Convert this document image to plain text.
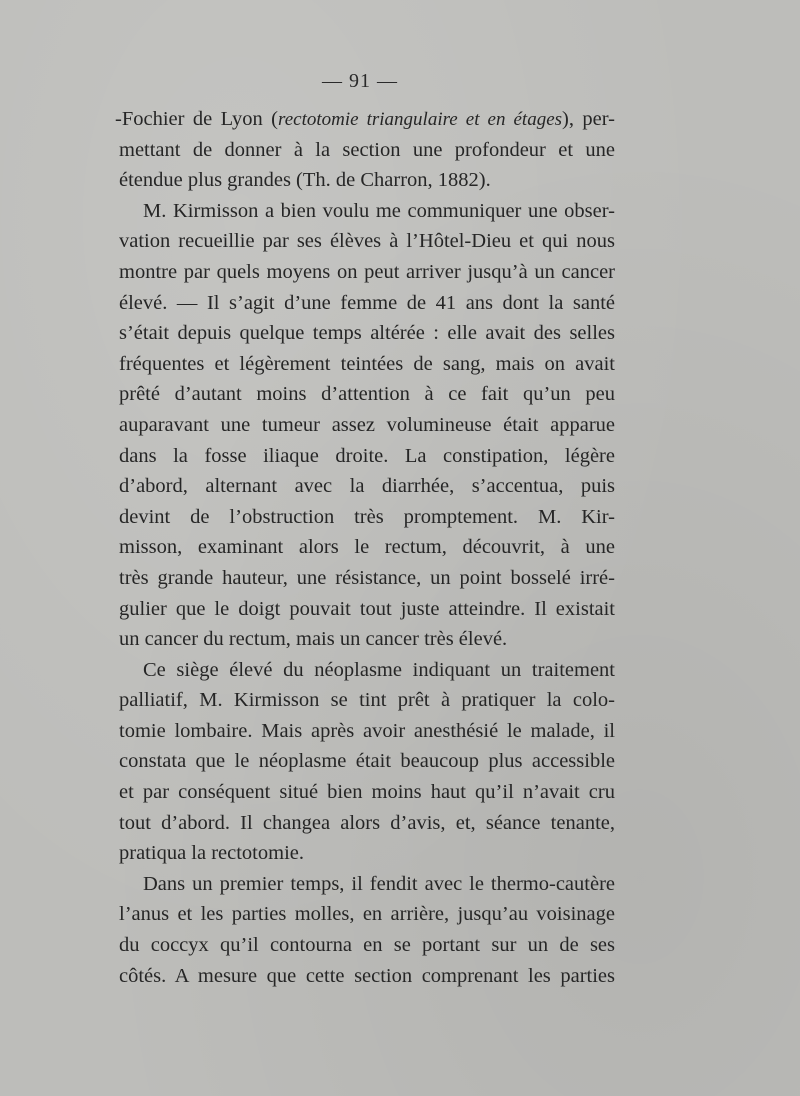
— 91 —
-Fochier de Lyon (rectotomie triangulaire et en étages), per-
mettant de donner à la section une profondeur et une
étendue plus grandes (Th. de Charron, 1882).
M. Kirmisson a bien voulu me communiquer une obser-
vation recueillie par ses élèves à l’Hôtel-Dieu et qui nous
montre par quels moyens on peut arriver jusqu’à un cancer
élevé. — Il s’agit d’une femme de 41 ans dont la santé
s’était depuis quelque temps altérée : elle avait des selles
fréquentes et légèrement teintées de sang, mais on avait
prêté d’autant moins d’attention à ce fait qu’un peu
auparavant une tumeur assez volumineuse était apparue
dans la fosse iliaque droite. La constipation, légère
d’abord, alternant avec la diarrhée, s’accentua, puis
devint de l’obstruction très promptement. M. Kir-
misson, examinant alors le rectum, découvrit, à une
très grande hauteur, une résistance, un point bosselé irré-
gulier que le doigt pouvait tout juste atteindre. Il existait
un cancer du rectum, mais un cancer très élevé.
Ce siège élevé du néoplasme indiquant un traitement
palliatif, M. Kirmisson se tint prêt à pratiquer la colo-
tomie lombaire. Mais après avoir anesthésié le malade, il
constata que le néoplasme était beaucoup plus accessible
et par conséquent situé bien moins haut qu’il n’avait cru
tout d’abord. Il changea alors d’avis, et, séance tenante,
pratiqua la rectotomie.
Dans un premier temps, il fendit avec le thermo-cautère
l’anus et les parties molles, en arrière, jusqu’au voisinage
du coccyx qu’il contourna en se portant sur un de ses
côtés. A mesure que cette section comprenant les parties
